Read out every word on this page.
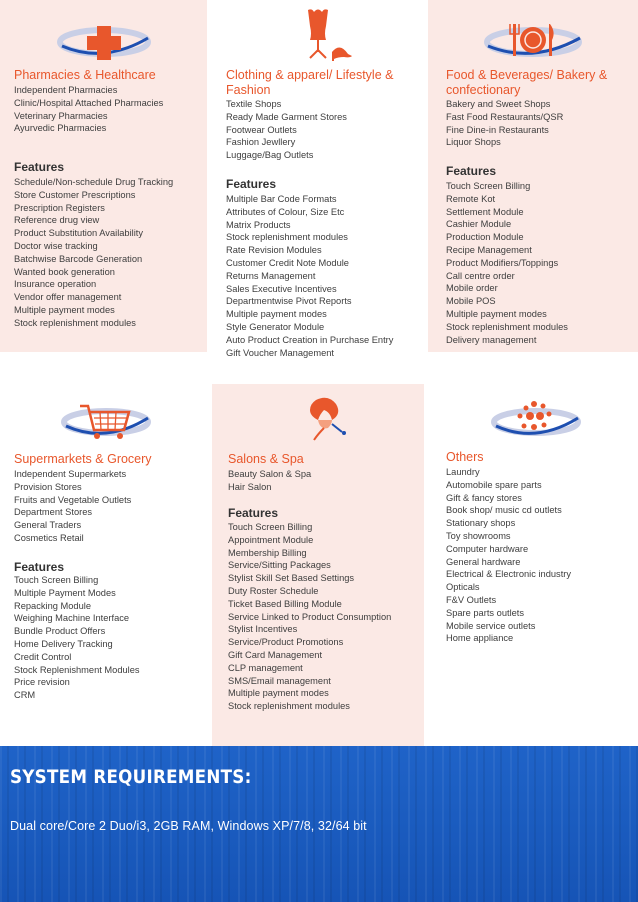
Pharmacies & Healthcare
Independent Pharmacies
Clinic/Hospital Attached Pharmacies
Veterinary Pharmacies
Ayurvedic Pharmacies
Features
Schedule/Non-schedule Drug Tracking
Store Customer Prescriptions
Prescription Registers
Reference drug view
Product Substitution Availability
Doctor wise tracking
Batchwise Barcode Generation
Wanted book generation
Insurance operation
Vendor offer management
Multiple payment modes
Stock replenishment modules
Clothing & apparel/ Lifestyle & Fashion
Textile Shops
Ready Made Garment Stores
Footwear Outlets
Fashion Jewllery
Luggage/Bag Outlets
Features
Multiple Bar Code Formats
Attributes of Colour, Size Etc
Matrix Products
Stock replenishment modules
Rate Revision Modules
Customer Credit Note Module
Returns Management
Sales Executive Incentives
Departmentwise Pivot Reports
Multiple payment modes
Style Generator Module
Auto Product Creation in Purchase Entry
Gift Voucher Management
Food & Beverages/ Bakery & confectionary
Bakery and Sweet Shops
Fast Food Restaurants/QSR
Fine Dine-in Restaurants
Liquor Shops
Features
Touch Screen Billing
Remote Kot
Settlement Module
Cashier Module
Production Module
Recipe Management
Product Modifiers/Toppings
Call centre order
Mobile order
Mobile POS
Multiple payment modes
Stock replenishment modules
Delivery management
Supermarkets & Grocery
Independent Supermarkets
Provision Stores
Fruits and Vegetable Outlets
Department Stores
General Traders
Cosmetics Retail
Features
Touch Screen Billing
Multiple Payment Modes
Repacking Module
Weighing Machine Interface
Bundle Product Offers
Home Delivery Tracking
Credit Control
Stock Replenishment Modules
Price revision
CRM
Salons & Spa
Beauty Salon & Spa
Hair Salon
Features
Touch Screen Billing
Appointment Module
Membership Billing
Service/Sitting Packages
Stylist Skill Set Based Settings
Duty Roster Schedule
Ticket Based Billing Module
Service Linked to Product Consumption
Stylist Incentives
Service/Product Promotions
Gift Card Management
CLP management
SMS/Email management
Multiple payment modes
Stock replenishment modules
Others
Laundry
Automobile spare parts
Gift & fancy stores
Book shop/ music cd outlets
Stationary shops
Toy showrooms
Computer hardware
General hardware
Electrical & Electronic industry
Opticals
F&V Outlets
Spare parts outlets
Mobile service outlets
Home appliance
SYSTEM REQUIREMENTS:
Dual core/Core 2 Duo/i3, 2GB RAM, Windows XP/7/8, 32/64 bit
